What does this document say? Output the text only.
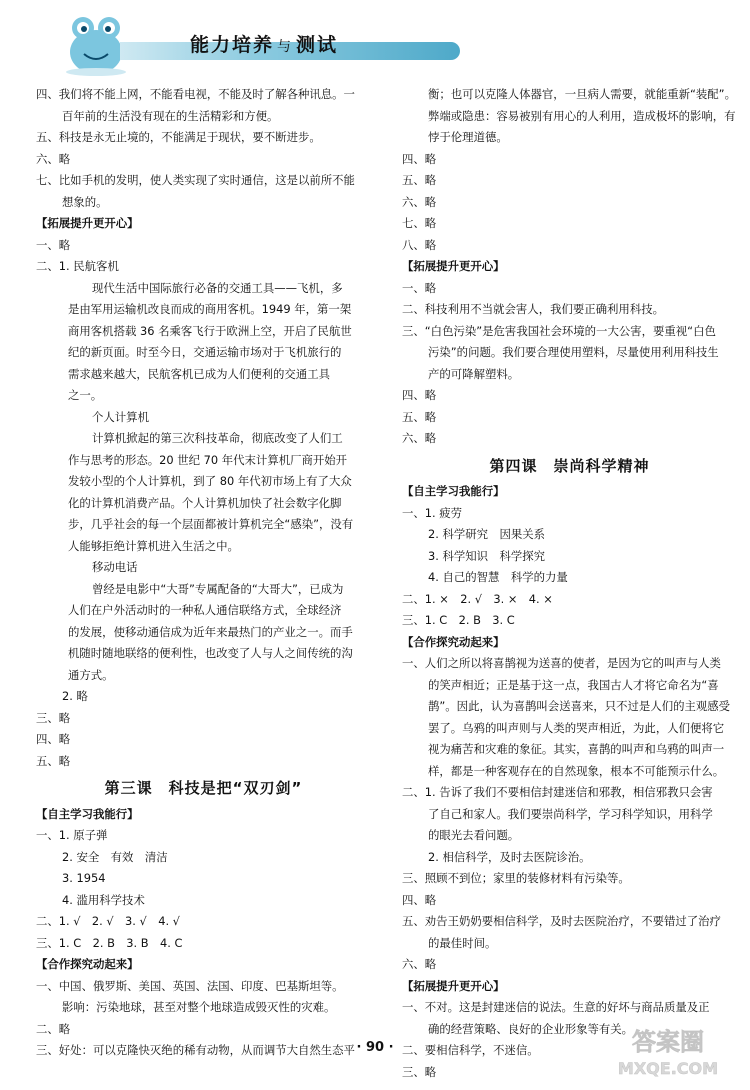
能力培养 与 测试
四、我们将不能上网，不能看电视，不能及时了解各种讯息。一
百年前的生活没有现在的生活精彩和方便。
五、科技是永无止境的，不能满足于现状，要不断进步。
六、略
七、比如手机的发明，使人类实现了实时通信，这是以前所不能
想象的。
【拓展提升更开心】
一、略
二、1. 民航客机
现代生活中国际旅行必备的交通工具——飞机，多
是由军用运输机改良而成的商用客机。1949 年，第一架
商用客机搭载 36 名乘客飞行于欧洲上空，开启了民航世
纪的新页面。时至今日，交通运输市场对于飞机旅行的
需求越来越大，民航客机已成为人们便利的交通工具
之一。
个人计算机
计算机掀起的第三次科技革命，彻底改变了人们工
作与思考的形态。20 世纪 70 年代末计算机厂商开始开
发较小型的个人计算机，到了 80 年代初市场上有了大众
化的计算机消费产品。个人计算机加快了社会数字化脚
步，几乎社会的每一个层面都被计算机完全“感染”，没有
人能够拒绝计算机进入生活之中。
移动电话
曾经是电影中“大哥”专属配备的“大哥大”，已成为
人们在户外活动时的一种私人通信联络方式，全球经济
的发展，使移动通信成为近年来最热门的产业之一。而手
机随时随地联络的便利性，也改变了人与人之间传统的沟
通方式。
2. 略
三、略
四、略
五、略
第三课　科技是把“双刃剑”
【自主学习我能行】
一、1. 原子弹
2. 安全　有效　清洁
3. 1954
4. 滥用科学技术
二、1. √　2. √　3. √　4. √
三、1. C　2. B　3. B　4. C
【合作探究动起来】
一、中国、俄罗斯、美国、英国、法国、印度、巴基斯坦等。
影响：污染地球，甚至对整个地球造成毁灭性的灾难。
二、略
三、好处：可以克隆快灭绝的稀有动物，从而调节大自然生态平
衡；也可以克隆人体器官，一旦病人需要，就能重新“装配”。
弊端或隐患：容易被别有用心的人利用，造成极坏的影响，有
悖于伦理道德。
四、略
五、略
六、略
七、略
八、略
【拓展提升更开心】
一、略
二、科技利用不当就会害人，我们要正确利用科技。
三、“白色污染”是危害我国社会环境的一大公害，要重视“白色
污染”的问题。我们要合理使用塑料，尽量使用利用科技生
产的可降解塑料。
四、略
五、略
六、略
第四课　崇尚科学精神
【自主学习我能行】
一、1. 疲劳
2. 科学研究　因果关系
3. 科学知识　科学探究
4. 自己的智慧　科学的力量
二、1. ×　2. √　3. ×　4. ×
三、1. C　2. B　3. C
【合作探究动起来】
一、人们之所以将喜鹊视为送喜的使者，是因为它的叫声与人类
的笑声相近；正是基于这一点，我国古人才将它命名为“喜
鹊”。因此，认为喜鹊叫会送喜来，只不过是人们的主观感受
罢了。乌鸦的叫声则与人类的哭声相近，为此，人们便将它
视为痛苦和灾难的象征。其实，喜鹊的叫声和乌鸦的叫声一
样，都是一种客观存在的自然现象，根本不可能预示什么。
二、1. 告诉了我们不要相信封建迷信和邪教，相信邪教只会害
了自己和家人。我们要崇尚科学，学习科学知识，用科学
的眼光去看问题。
2. 相信科学，及时去医院诊治。
三、照顾不到位；家里的装修材料有污染等。
四、略
五、劝告王奶奶要相信科学，及时去医院治疗，不要错过了治疗
的最佳时间。
六、略
【拓展提升更开心】
一、不对。这是封建迷信的说法。生意的好坏与商品质量及正
确的经营策略、良好的企业形象等有关。
二、要相信科学，不迷信。
三、略
· 90 ·	答案圈
MXQE.COM
